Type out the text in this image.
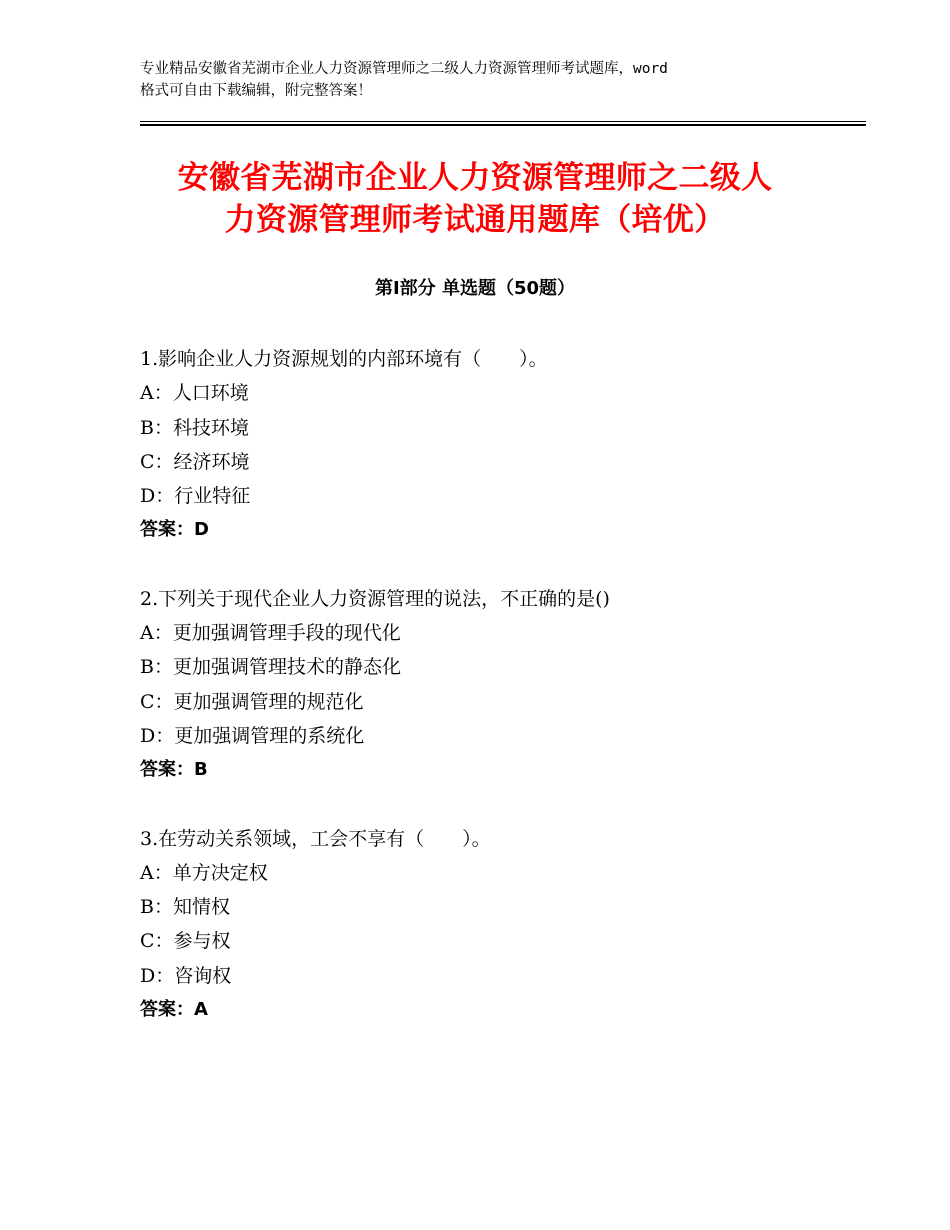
专业精品安徽省芜湖市企业人力资源管理师之二级人力资源管理师考试题库，word
格式可自由下载编辑，附完整答案！
安徽省芜湖市企业人力资源管理师之二级人
力资源管理师考试通用题库（培优）
第Ⅰ部分 单选题（50题）
1.影响企业人力资源规划的内部环境有（　　）。
A：人口环境
B：科技环境
C：经济环境
D：行业特征
答案：D
2.下列关于现代企业人力资源管理的说法，不正确的是()
A：更加强调管理手段的现代化
B：更加强调管理技术的静态化
C：更加强调管理的规范化
D：更加强调管理的系统化
答案：B
3.在劳动关系领域，工会不享有（　　）。
A：单方决定权
B：知情权
C：参与权
D：咨询权
答案：A
